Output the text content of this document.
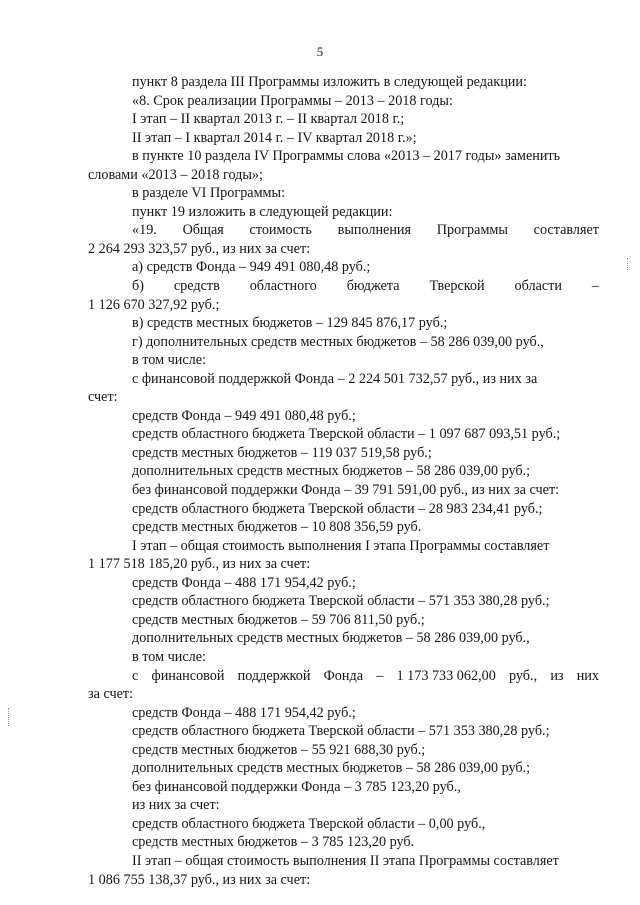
5
пункт 8 раздела III Программы изложить в следующей редакции:
«8. Срок реализации Программы – 2013 – 2018 годы:
I этап – II квартал 2013 г. – II квартал 2018 г.;
II этап – I квартал 2014 г. – IV квартал 2018 г.»;
в пункте 10 раздела IV Программы слова «2013 – 2017 годы» заменить
словами «2013 – 2018 годы»;
в разделе VI Программы:
пункт 19 изложить в следующей редакции:
«19. Общая стоимость выполнения Программы составляет
2 264 293 323,57 руб., из них за счет:
а) средств Фонда – 949 491 080,48 руб.;
б) средств областного бюджета Тверской области –
1 126 670 327,92 руб.;
в) средств местных бюджетов – 129 845 876,17 руб.;
г) дополнительных средств местных бюджетов – 58 286 039,00 руб.,
в том числе:
с финансовой поддержкой Фонда – 2 224 501 732,57 руб., из них за
счет:
средств Фонда – 949 491 080,48 руб.;
средств областного бюджета Тверской области – 1 097 687 093,51 руб.;
средств местных бюджетов – 119 037 519,58 руб.;
дополнительных средств местных бюджетов – 58 286 039,00 руб.;
без финансовой поддержки Фонда – 39 791 591,00 руб., из них за счет:
средств областного бюджета Тверской области – 28 983 234,41 руб.;
средств местных бюджетов – 10 808 356,59 руб.
I этап – общая стоимость выполнения I этапа Программы составляет
1 177 518 185,20 руб., из них за счет:
средств Фонда – 488 171 954,42 руб.;
средств областного бюджета Тверской области – 571 353 380,28 руб.;
средств местных бюджетов – 59 706 811,50 руб.;
дополнительных средств местных бюджетов – 58 286 039,00 руб.,
в том числе:
с финансовой поддержкой Фонда – 1 173 733 062,00 руб., из них
за счет:
средств Фонда – 488 171 954,42 руб.;
средств областного бюджета Тверской области – 571 353 380,28 руб.;
средств местных бюджетов – 55 921 688,30 руб.;
дополнительных средств местных бюджетов – 58 286 039,00 руб.;
без финансовой поддержки Фонда – 3 785 123,20 руб.,
из них за счет:
средств областного бюджета Тверской области – 0,00 руб.,
средств местных бюджетов – 3 785 123,20 руб.
II этап – общая стоимость выполнения II этапа Программы составляет
1 086 755 138,37 руб., из них за счет:
